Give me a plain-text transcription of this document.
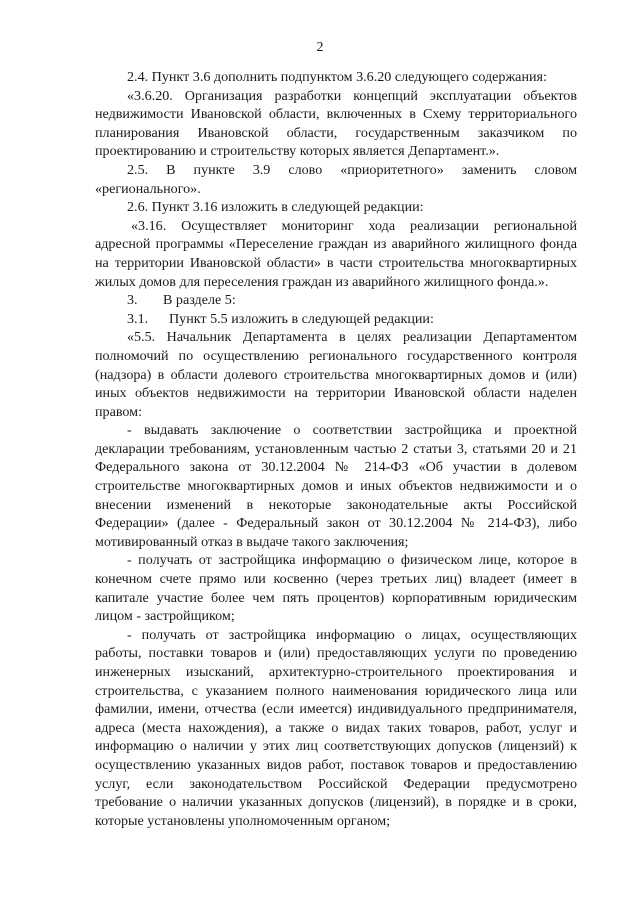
2

2.4. Пункт 3.6 дополнить подпунктом 3.6.20 следующего содержания:

«3.6.20. Организация разработки концепций эксплуатации объектов недвижимости Ивановской области, включенных в Схему территориального планирования Ивановской области, государственным заказчиком по проектированию и строительству которых является Департамент.».

2.5. В пункте 3.9 слово «приоритетного» заменить словом «регионального».

2.6. Пункт 3.16 изложить в следующей редакции:

«3.16. Осуществляет мониторинг хода реализации региональной адресной программы «Переселение граждан из аварийного жилищного фонда на территории Ивановской области» в части строительства многоквартирных жилых домов для переселения граждан из аварийного жилищного фонда.».

3.	В разделе 5:
3.1.	Пункт 5.5 изложить в следующей редакции:

«5.5. Начальник Департамента в целях реализации Департаментом полномочий по осуществлению регионального государственного контроля (надзора) в области долевого строительства многоквартирных домов и (или) иных объектов недвижимости на территории Ивановской области наделен правом:

- выдавать заключение о соответствии застройщика и проектной декларации требованиям, установленным частью 2 статьи 3, статьями 20 и 21 Федерального закона от 30.12.2004 № 214-ФЗ «Об участии в долевом строительстве многоквартирных домов и иных объектов недвижимости и о внесении изменений в некоторые законодательные акты Российской Федерации» (далее - Федеральный закон от 30.12.2004 № 214-ФЗ), либо мотивированный отказ в выдаче такого заключения;

- получать от застройщика информацию о физическом лице, которое в конечном счете прямо или косвенно (через третьих лиц) владеет (имеет в капитале участие более чем пять процентов) корпоративным юридическим лицом - застройщиком;

- получать от застройщика информацию о лицах, осуществляющих работы, поставки товаров и (или) предоставляющих услуги по проведению инженерных изысканий, архитектурно-строительного проектирования и строительства, с указанием полного наименования юридического лица или фамилии, имени, отчества (если имеется) индивидуального предпринимателя, адреса (места нахождения), а также о видах таких товаров, работ, услуг и информацию о наличии у этих лиц соответствующих допусков (лицензий) к осуществлению указанных видов работ, поставок товаров и предоставлению услуг, если законодательством Российской Федерации предусмотрено требование о наличии указанных допусков (лицензий), в порядке и в сроки, которые установлены уполномоченным органом;
